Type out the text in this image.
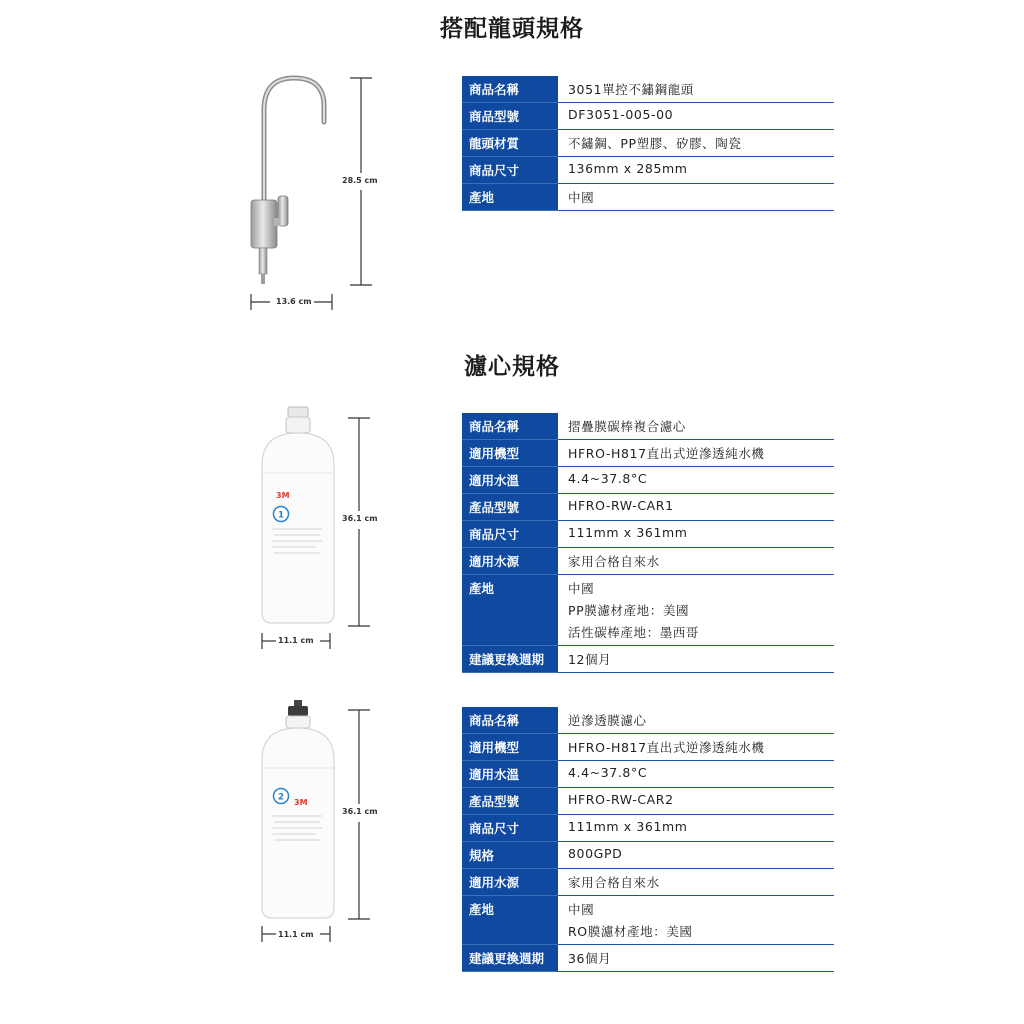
搭配龍頭規格
28.5 cm
13.6 cm
商品名稱	3051單控不鏽鋼龍頭
商品型號	DF3051-005-00
龍頭材質	不鏽鋼、PP塑膠、矽膠、陶瓷
商品尺寸	136mm x 285mm
產地	中國
濾心規格
1
3M
36.1 cm
11.1 cm
商品名稱	摺疊膜碳棒複合濾心
適用機型	HFRO-H817直出式逆滲透純水機
適用水溫	4.4~37.8°C
產品型號	HFRO-RW-CAR1
商品尺寸	111mm x 361mm
適用水源	家用合格自來水
產地	中國
PP膜濾材產地：美國
活性碳棒產地：墨西哥
建議更換週期	12個月
2 3M
36.1 cm
11.1 cm
商品名稱	逆滲透膜濾心
適用機型	HFRO-H817直出式逆滲透純水機
適用水溫	4.4~37.8°C
產品型號	HFRO-RW-CAR2
商品尺寸	111mm x 361mm
規格	800GPD
適用水源	家用合格自來水
產地	中國
RO膜濾材產地：美國
建議更換週期	36個月
